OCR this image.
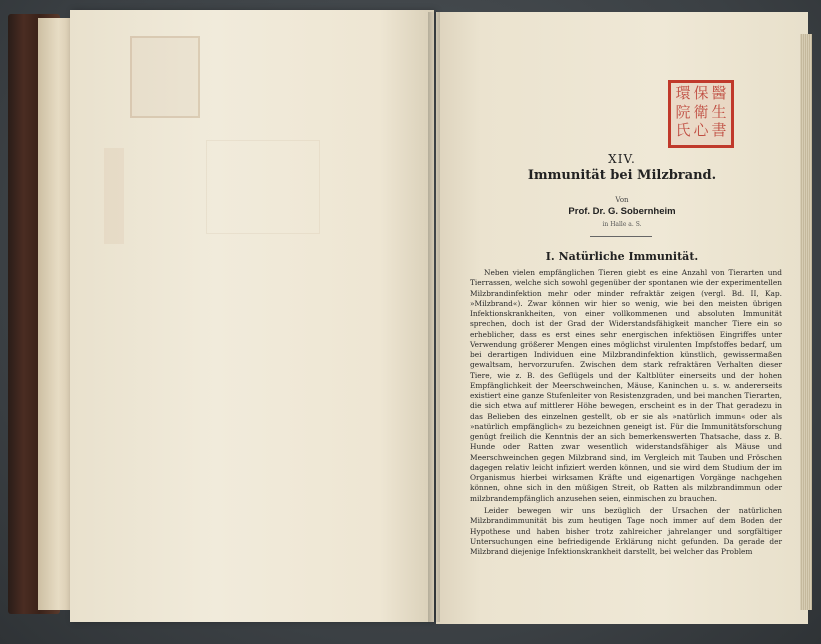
環 保 醫
院 衛 生
氏 心 書
XIV.
Immunität bei Milzbrand.
Von
Prof. Dr. G. Sobernheim
in Halle a. S.
I. Natürliche Immunität.

Neben vielen empfänglichen Tieren giebt es eine Anzahl von Tierarten und Tierrassen, welche sich sowohl gegenüber der spontanen wie der experimentellen Milzbrandinfektion mehr oder minder refraktär zeigen (vergl. Bd. II, Kap. »Milzbrand«). Zwar können wir hier so wenig, wie bei den meisten übrigen Infektionskrankheiten, von einer vollkommenen und absoluten Immunität sprechen, doch ist der Grad der Widerstandsfähigkeit mancher Tiere ein so erheblicher, dass es erst eines sehr energischen infektiösen Eingriffes unter Verwendung größerer Mengen eines möglichst virulenten Impfstoffes bedarf, um bei derartigen Individuen eine Milzbrandinfektion künstlich, gewissermaßen gewaltsam, hervorzurufen. Zwischen dem stark refraktären Verhalten dieser Tiere, wie z. B. des Geflügels und der Kaltblüter einerseits und der hohen Empfänglichkeit der Meerschweinchen, Mäuse, Kaninchen u. s. w. andererseits existiert eine ganze Stufenleiter von Resistenzgraden, und bei manchen Tierarten, die sich etwa auf mittlerer Höhe bewegen, erscheint es in der That geradezu in das Belieben des einzelnen gestellt, ob er sie als »natürlich immun« oder als »natürlich empfänglich« zu bezeichnen geneigt ist. Für die Immunitätsforschung genügt freilich die Kenntnis der an sich bemerkenswerten Thatsache, dass z. B. Hunde oder Ratten zwar wesentlich widerstandsfähiger als Mäuse und Meerschweinchen gegen Milzbrand sind, im Vergleich mit Tauben und Fröschen dagegen relativ leicht infiziert werden können, und sie wird dem Studium der im Organismus hierbei wirksamen Kräfte und eigenartigen Vorgänge nachgehen können, ohne sich in den müßigen Streit, ob Ratten als milzbrandimmun oder milzbrandempfänglich anzusehen seien, einmischen zu brauchen.

Leider bewegen wir uns bezüglich der Ursachen der natürlichen Milzbrandimmunität bis zum heutigen Tage noch immer auf dem Boden der Hypothese und haben bisher trotz zahlreicher jahrelanger und sorgfältiger Untersuchungen eine befriedigende Erklärung nicht gefunden. Da gerade der Milzbrand diejenige Infektionskrankheit darstellt, bei welcher das Problem
